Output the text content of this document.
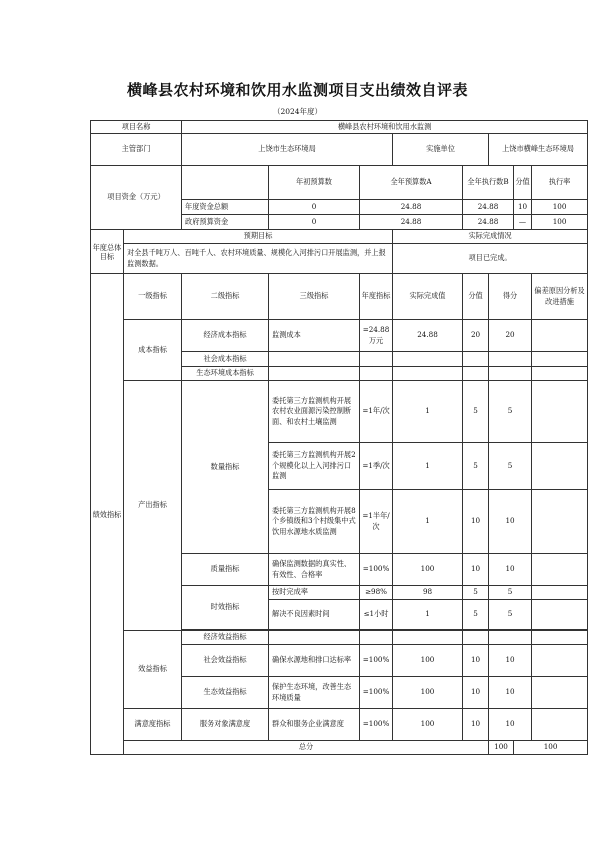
横峰县农村环境和饮用水监测项目支出绩效自评表
（2024年度）
项目名称		横峰县农村环境和饮用水监测								
主管部门		上饶市生态环境局			实施单位		上饶市横峰生态环境局			
项目资金（万元）			年初预算数	全年预算数A		全年执行数B		分值	执行率	
		年度资金总额	0	24.88		24.88		10	100	
		政府预算资金	0	24.88		24.88		—	100	
年度总体目标	预期目标				实际完成情况					
	对全县千吨万人、百吨千人、农村环境质量、规模化入河排污口开展监测，并上报监测数据。				项目已完成。					
绩效指标	一级指标	二级指标	三级指标	年度指标	实际完成值	分值	得分		偏差原因分析及改进措施	
	成本指标	经济成本指标	监测成本	=24.88万元	24.88	20	20			
		社会成本指标								
		生态环境成本指标								
	产出指标	数量指标	委托第三方监测机构开展农村农业面源污染控制断面、和农村土壤监测	=1年/次	1	5	5			
			委托第三方监测机构开展2个规模化以上入河排污口监测	=1季/次	1	5	5			
			委托第三方监测机构开展8个乡镇级和3个村级集中式饮用水源地水质监测	=1半年/次	1	10	10			
		质量指标	确保监测数据的真实性、有效性、合格率	=100%	100	10	10			
		时效指标	按时完成率	≥98%	98	5	5			
			解决不良因素时间	≤1小时	1	5	5			

	效益指标	经济效益指标								
		社会效益指标	确保水源地和排口达标率	=100%	100	10	10			
		生态效益指标	保护生态环境，改善生态环境质量	=100%	100	10	10			
	满意度指标	服务对象满意度	群众和服务企业满意度	=100%	100	10	10			
	总分						100	100		
